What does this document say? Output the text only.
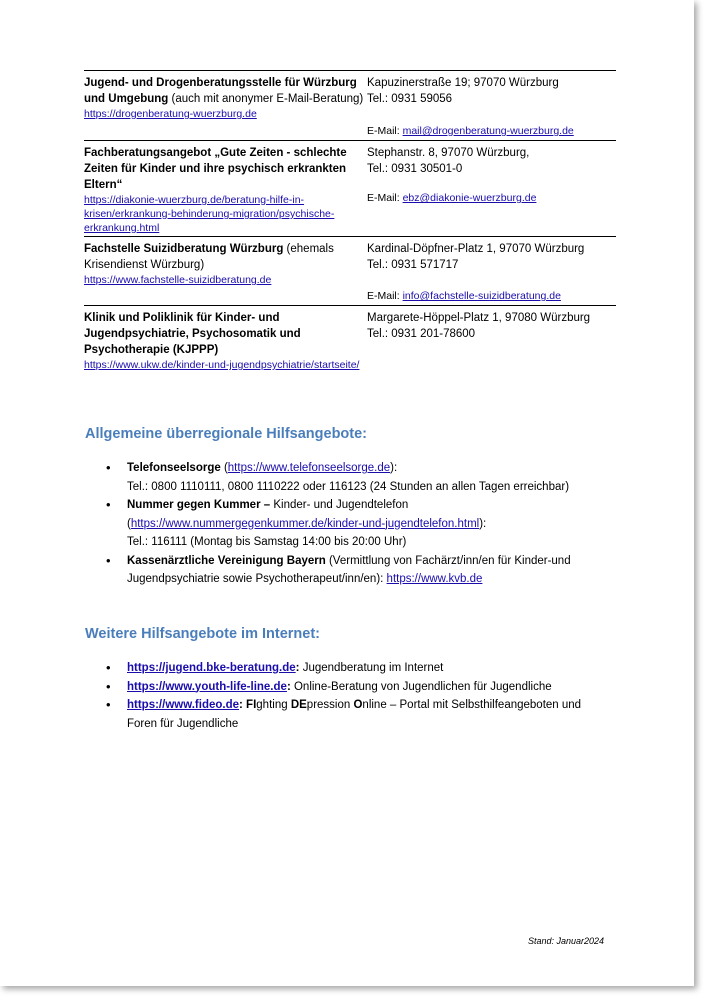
Jugend- und Drogenberatungsstelle für Würzburg und Umgebung (auch mit anonymer E-Mail-Beratung)
https://drogenberatung-wuerzburg.de
Kapuzinerstraße 19; 97070 Würzburg
Tel.: 0931 59056
E-Mail: mail@drogenberatung-wuerzburg.de
Fachberatungsangebot „Gute Zeiten - schlechte Zeiten für Kinder und ihre psychisch erkrankten Eltern“
https://diakonie-wuerzburg.de/beratung-hilfe-in-krisen/erkrankung-behinderung-migration/psychische-erkrankung.html
Stephanstr. 8, 97070 Würzburg,
Tel.: 0931 30501-0
E-Mail: ebz@diakonie-wuerzburg.de
Fachstelle Suizidberatung Würzburg (ehemals Krisendienst Würzburg)
https://www.fachstelle-suizidberatung.de
Kardinal-Döpfner-Platz 1, 97070 Würzburg
Tel.: 0931 571717
E-Mail: info@fachstelle-suizidberatung.de
Klinik und Poliklinik für Kinder- und Jugendpsychiatrie, Psychosomatik und Psychotherapie (KJPPP)
https://www.ukw.de/kinder-und-jugendpsychiatrie/startseite/
Margarete-Höppel-Platz 1, 97080 Würzburg
Tel.: 0931 201-78600
Allgemeine überregionale Hilfsangebote:
• Telefonseelsorge (https://www.telefonseelsorge.de):
Tel.: 0800 1110111, 0800 1110222 oder 116123 (24 Stunden an allen Tagen erreichbar)
• Nummer gegen Kummer – Kinder- und Jugendtelefon
(https://www.nummergegenkummer.de/kinder-und-jugendtelefon.html):
Tel.: 116111 (Montag bis Samstag 14:00 bis 20:00 Uhr)
• Kassenärztliche Vereinigung Bayern (Vermittlung von Fachärzt/inn/en für Kinder-und Jugendpsychiatrie sowie Psychotherapeut/inn/en): https://www.kvb.de
Weitere Hilfsangebote im Internet:
• https://jugend.bke-beratung.de: Jugendberatung im Internet
• https://www.youth-life-line.de: Online-Beratung von Jugendlichen für Jugendliche
• https://www.fideo.de: FIghting DEpression Online – Portal mit Selbsthilfeangeboten und Foren für Jugendliche
Stand: Januar2024
